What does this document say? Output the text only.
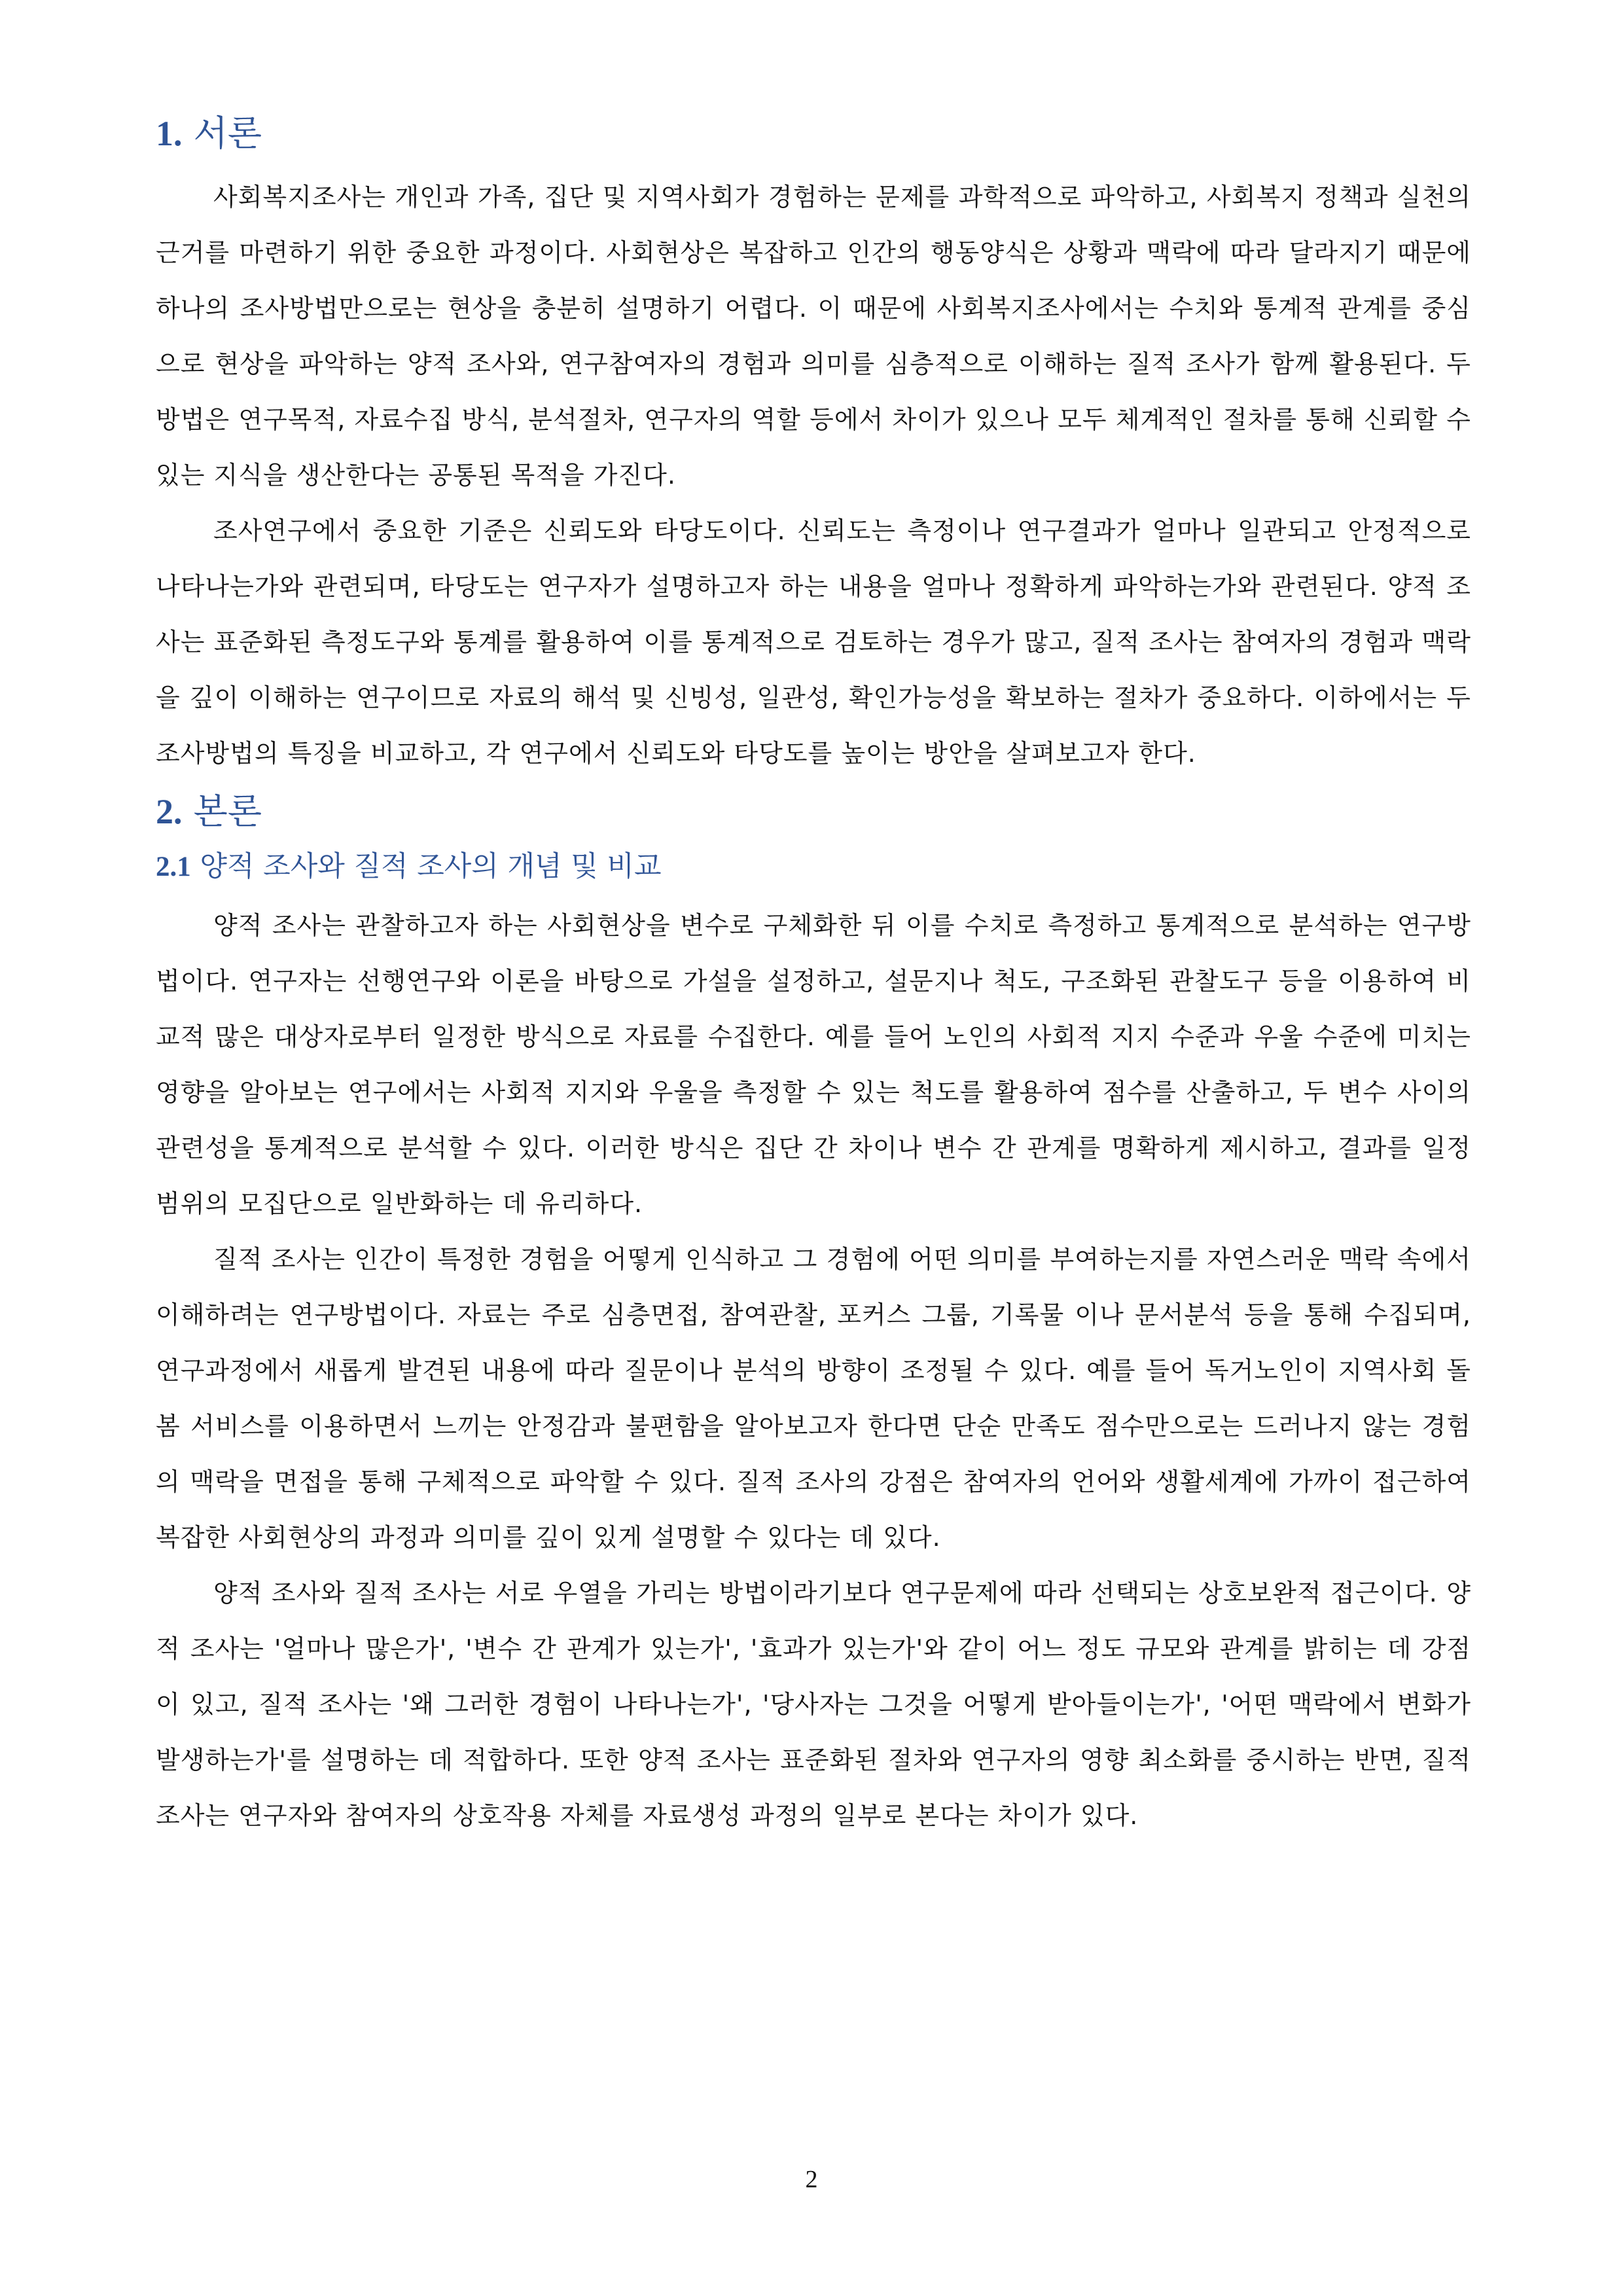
1. 서론

사회복지조사는 개인과 가족, 집단 및 지역사회가 경험하는 문제를 과학적으로 파악하고, 사회복지 정책과 실천의 근거를 마련하기 위한 중요한 과정이다. 사회현상은 복잡하고 인간의 행동양식은 상황과 맥락에 따라 달라지기 때문에 하나의 조사방법만으로는 현상을 충분히 설명하기 어렵다. 이 때문에 사회복지조사에서는 수치와 통계적 관계를 중심으로 현상을 파악하는 양적 조사와, 연구참여자의 경험과 의미를 심층적으로 이해하는 질적 조사가 함께 활용된다. 두 방법은 연구목적, 자료수집 방식, 분석절차, 연구자의 역할 등에서 차이가 있으나 모두 체계적인 절차를 통해 신뢰할 수 있는 지식을 생산한다는 공통된 목적을 가진다.

조사연구에서 중요한 기준은 신뢰도와 타당도이다. 신뢰도는 측정이나 연구결과가 얼마나 일관되고 안정적으로 나타나는가와 관련되며, 타당도는 연구자가 설명하고자 하는 내용을 얼마나 정확하게 파악하는가와 관련된다. 양적 조사는 표준화된 측정도구와 통계를 활용하여 이를 통계적으로 검토하는 경우가 많고, 질적 조사는 참여자의 경험과 맥락을 깊이 이해하는 연구이므로 자료의 해석 및 신빙성, 일관성, 확인가능성을 확보하는 절차가 중요하다. 이하에서는 두 조사방법의 특징을 비교하고, 각 연구에서 신뢰도와 타당도를 높이는 방안을 살펴보고자 한다.

2. 본론
2.1 양적 조사와 질적 조사의 개념 및 비교

양적 조사는 관찰하고자 하는 사회현상을 변수로 구체화한 뒤 이를 수치로 측정하고 통계적으로 분석하는 연구방법이다. 연구자는 선행연구와 이론을 바탕으로 가설을 설정하고, 설문지나 척도, 구조화된 관찰도구 등을 이용하여 비교적 많은 대상자로부터 일정한 방식으로 자료를 수집한다. 예를 들어 노인의 사회적 지지 수준과 우울 수준에 미치는 영향을 알아보는 연구에서는 사회적 지지와 우울을 측정할 수 있는 척도를 활용하여 점수를 산출하고, 두 변수 사이의 관련성을 통계적으로 분석할 수 있다. 이러한 방식은 집단 간 차이나 변수 간 관계를 명확하게 제시하고, 결과를 일정 범위의 모집단으로 일반화하는 데 유리하다.

질적 조사는 인간이 특정한 경험을 어떻게 인식하고 그 경험에 어떤 의미를 부여하는지를 자연스러운 맥락 속에서 이해하려는 연구방법이다. 자료는 주로 심층면접, 참여관찰, 포커스 그룹, 기록물 이나 문서분석 등을 통해 수집되며, 연구과정에서 새롭게 발견된 내용에 따라 질문이나 분석의 방향이 조정될 수 있다. 예를 들어 독거노인이 지역사회 돌봄 서비스를 이용하면서 느끼는 안정감과 불편함을 알아보고자 한다면 단순 만족도 점수만으로는 드러나지 않는 경험의 맥락을 면접을 통해 구체적으로 파악할 수 있다. 질적 조사의 강점은 참여자의 언어와 생활세계에 가까이 접근하여 복잡한 사회현상의 과정과 의미를 깊이 있게 설명할 수 있다는 데 있다.

양적 조사와 질적 조사는 서로 우열을 가리는 방법이라기보다 연구문제에 따라 선택되는 상호보완적 접근이다. 양적 조사는 '얼마나 많은가', '변수 간 관계가 있는가', '효과가 있는가'와 같이 어느 정도 규모와 관계를 밝히는 데 강점이 있고, 질적 조사는 '왜 그러한 경험이 나타나는가', '당사자는 그것을 어떻게 받아들이는가', '어떤 맥락에서 변화가 발생하는가'를 설명하는 데 적합하다. 또한 양적 조사는 표준화된 절차와 연구자의 영향 최소화를 중시하는 반면, 질적 조사는 연구자와 참여자의 상호작용 자체를 자료생성 과정의 일부로 본다는 차이가 있다.

2
